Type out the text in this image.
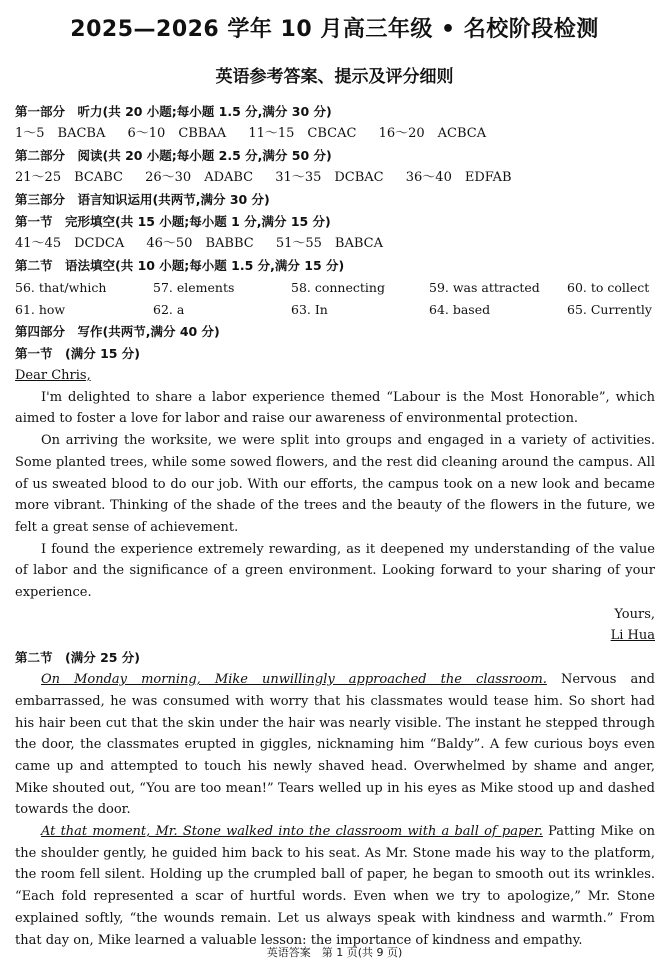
2025—2026 学年 10 月高三年级 • 名校阶段检测
英语参考答案、提示及评分细则
第一部分　听力(共 20 小题;每小题 1.5 分,满分 30 分)
1～5　BACBA 6～10　CBBAA 11～15　CBCAC 16～20　ACBCA
第二部分　阅读(共 20 小题;每小题 2.5 分,满分 50 分)
21～25　BCABC 26～30　ADABC 31～35　DCBAC 36～40　EDFAB
第三部分　语言知识运用(共两节,满分 30 分)
第一节　完形填空(共 15 小题;每小题 1 分,满分 15 分)
41～45　DCDCA 46～50　BABBC 51～55　BABCA
第二节　语法填空(共 10 小题;每小题 1.5 分,满分 15 分)
56. that/which	57. elements	58. connecting	59. was attracted 60. to collect
61. how	62. a	63. In	64. based	65. Currently
第四部分　写作(共两节,满分 40 分)
第一节　(满分 15 分)
Dear Chris,

I'm delighted to share a labor experience themed “Labour is the Most Honorable”, which aimed to foster a love for labor and raise our awareness of environmental protection.

On arriving the worksite, we were split into groups and engaged in a variety of activities. Some planted trees, while some sowed flowers, and the rest did cleaning around the campus. All of us sweated blood to do our job. With our efforts, the campus took on a new look and became more vibrant. Thinking of the shade of the trees and the beauty of the flowers in the future, we felt a great sense of achievement.

I found the experience extremely rewarding, as it deepened my understanding of the value of labor and the significance of a green environment. Looking forward to your sharing of your experience.

Yours,
Li Hua
第二节　(满分 25 分)

On Monday morning, Mike unwillingly approached the classroom. Nervous and embarrassed, he was consumed with worry that his classmates would tease him. So short had his hair been cut that the skin under the hair was nearly visible. The instant he stepped through the door, the classmates erupted in giggles, nicknaming him “Baldy”. A few curious boys even came up and attempted to touch his newly shaved head. Overwhelmed by shame and anger, Mike shouted out, “You are too mean!” Tears welled up in his eyes as Mike stood up and dashed towards the door.

At that moment, Mr. Stone walked into the classroom with a ball of paper. Patting Mike on the shoulder gently, he guided him back to his seat. As Mr. Stone made his way to the platform, the room fell silent. Holding up the crumpled ball of paper, he began to smooth out its wrinkles. “Each fold represented a scar of hurtful words. Even when we try to apologize,” Mr. Stone explained softly, “the wounds remain. Let us always speak with kindness and warmth.” From that day on, Mike learned a valuable lesson: the importance of kindness and empathy.

英语答案　第 1 页(共 9 页)
